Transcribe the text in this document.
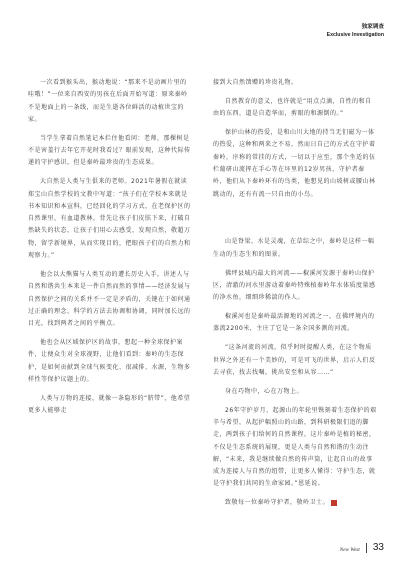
独家调查
Exclusive Investigation

一次看到猴头出，猴动地说：“那来不是动画片里的哇哦！”一位来自西安的男孩在后面开始写道：原来秦岭不是地面上的一条线，而是生逝各位鲜活的动植世宝的家。

当学生拿着自然笔记本拦住他看问：老师，那棵树是不是害羞行去年它开花时我看过？眼前发现，这种代际传递的守护感识，但是秦岭最珍贵的生态成果。

大自然是人类与生俱来的老师。2021年暑假在就读郑宝山自然学校的文教中写道：“孩子们在学校本来就是书本知识和本宣科，已经回化的学习方式，在老保护区的自然课里，有血道教林，背先让孩子们皮肤下来，打破自然缺失的状态，让孩子们用心去感受，发现自然，敬超万物，留学新境界，从而实现目的，把眼孩子们的自然力和观察力。”

他会以大熊猫与人类互动的遭长历史入手，讲述人与自然和谐共生本来是一件自然而然的事情——经济发展与自然保护之间的关系并不一定是矛盾的，关键在于如何通过正确的理念，科学的方法去协调和协调，同时加长远的目光，找到两者之间的平衡点。

他也会从区域保护区的故事，想起一种全球保护案件，让便众生对全球视野，让他们看到：秦岭的生态保护，是如何贡献到全球气候变化、很减排、水源，生物多样性等保护议题上的。

人类与万物的连接，就像一条隐形的“脐带”，他希望更多人能够走

接到大自然馈赠的珍贵礼物。

自然教育的意义，也许就是“用点点滴，自性的和自由的东西，道是自造华而，剪眼的和源倒的。”

保护山林的热爱，是和山川大地的持当无们磁为一体的热爱，这种和两来之不易，然而日自己的方式在守护着秦岭，序称的常挂的方式，一切以于应至，那个坐适的伍栏葡研山流挥在手心等在坏里的12岁男孩，守护者秦岭，他们从下秦岭环有的鸟类，他想见的山坡树或腰山林跳动的，还有有流一只自由的小鸟。

山是脊梁，水是灵魂，在草综之中，秦岭是这样一幅生动的生态生和的图景。

佛坪县城内最大的河流——椒溪河发源于秦岭山保护区，清澈的河水里游动着秦岭特殊植秦岭年水体质度量感的净水鱼，细细珍稀湍的作人。

椒溪河也是秦岭最活源地的河流之一，在佛坪境内的蒸流2200米，主庄了它是一条全国多测的河流。

“这条河流的河流，似乎时时提醒人类，在这个物质世界之外还有一个美妙的，可是可飞的世界，启示人们反去寻获，找去找嘱，挑出安至和从容……”

身在巧物中，心在万物上。

26年守护岁月，起源山的年轮里镌刻着生态保护的艰辛与希望，从起护幅照山的山路，到科研极限们追的脚走，两到孩子们给何的自然课程，这片秦岭是植的秘密，不仅是生态系统的展现，更是人类与自然和谐的生动注解，“未来，我是继续做自然的传声筒，让起自山的故事成为连接人与自然的纽带，让更多人懂得：守护生态，就是守护我们共同的生命家园。”恩延说。

致敬每一位秦岭守护者，敬岭卫士。

New West 33
